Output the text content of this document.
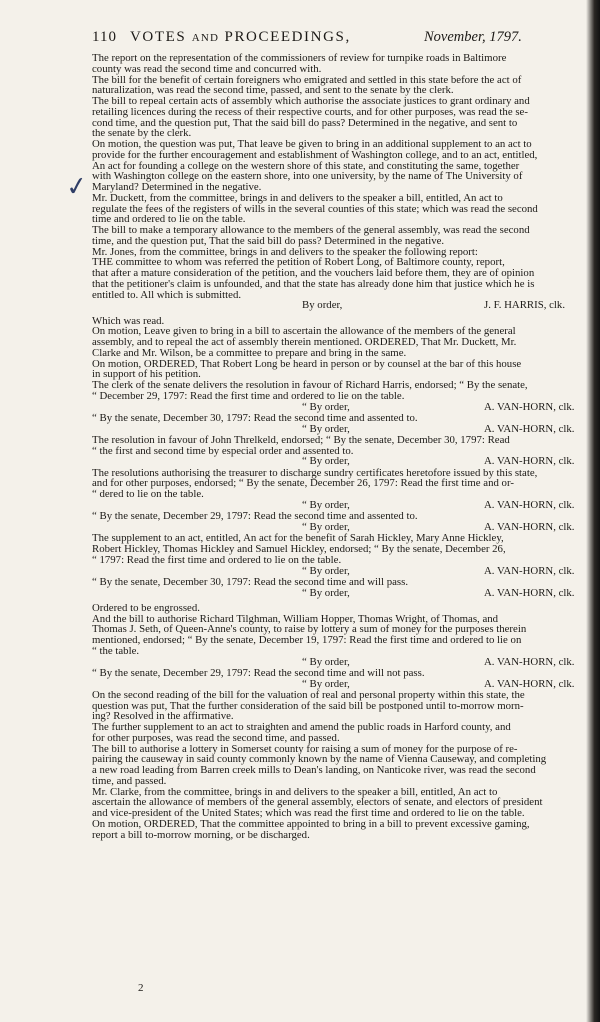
110 VOTES AND PROCEEDINGS,	November, 1797.
✓
The report on the representation of the commissioners of review for turnpike roads in Baltimore
county was read the second time and concurred with.
The bill for the benefit of certain foreigners who emigrated and settled in this state before the act of
naturalization, was read the second time, passed, and sent to the senate by the clerk.
The bill to repeal certain acts of assembly which authorise the associate justices to grant ordinary and
retailing licences during the recess of their respective courts, and for other purposes, was read the se-
cond time, and the question put, That the said bill do pass? Determined in the negative, and sent to
the senate by the clerk.
On motion, the question was put, That leave be given to bring in an additional supplement to an act to
provide for the further encouragement and establishment of Washington college, and to an act, entitled,
An act for founding a college on the western shore of this state, and constituting the same, together
with Washington college on the eastern shore, into one university, by the name of The University of
Maryland? Determined in the negative.
Mr. Duckett, from the committee, brings in and delivers to the speaker a bill, entitled, An act to
regulate the fees of the registers of wills in the several counties of this state; which was read the second
time and ordered to lie on the table.
The bill to make a temporary allowance to the members of the general assembly, was read the second
time, and the question put, That the said bill do pass? Determined in the negative.
Mr. Jones, from the committee, brings in and delivers to the speaker the following report:
THE committee to whom was referred the petition of Robert Long, of Baltimore county, report,
that after a mature consideration of the petition, and the vouchers laid before them, they are of opinion
that the petitioner's claim is unfounded, and that the state has already done him that justice which he is
entitled to. All which is submitted.
By order,	J. F. HARRIS, clk.
Which was read.
On motion, Leave given to bring in a bill to ascertain the allowance of the members of the general
assembly, and to repeal the act of assembly therein mentioned. ORDERED, That Mr. Duckett, Mr.
Clarke and Mr. Wilson, be a committee to prepare and bring in the same.
On motion, ORDERED, That Robert Long be heard in person or by counsel at the bar of this house
in support of his petition.
The clerk of the senate delivers the resolution in favour of Richard Harris, endorsed; “ By the senate,
“ December 29, 1797: Read the first time and ordered to lie on the table.
“ By order,	A. VAN-HORN, clk.
“ By the senate, December 30, 1797: Read the second time and assented to.
“ By order,	A. VAN-HORN, clk.
The resolution in favour of John Threlkeld, endorsed; “ By the senate, December 30, 1797: Read
“ the first and second time by especial order and assented to.
“ By order,	A. VAN-HORN, clk.
The resolutions authorising the treasurer to discharge sundry certificates heretofore issued by this state,
and for other purposes, endorsed; “ By the senate, December 26, 1797: Read the first time and or-
“ dered to lie on the table.
“ By order,	A. VAN-HORN, clk.
“ By the senate, December 29, 1797: Read the second time and assented to.
“ By order,	A. VAN-HORN, clk.
The supplement to an act, entitled, An act for the benefit of Sarah Hickley, Mary Anne Hickley,
Robert Hickley, Thomas Hickley and Samuel Hickley, endorsed; “ By the senate, December 26,
“ 1797: Read the first time and ordered to lie on the table.
“ By order,	A. VAN-HORN, clk.
“ By the senate, December 30, 1797: Read the second time and will pass.
“ By order,	A. VAN-HORN, clk.
Ordered to be engrossed.
And the bill to authorise Richard Tilghman, William Hopper, Thomas Wright, of Thomas, and
Thomas J. Seth, of Queen-Anne's county, to raise by lottery a sum of money for the purposes therein
mentioned, endorsed; “ By the senate, December 19, 1797: Read the first time and ordered to lie on
“ the table.
“ By order,	A. VAN-HORN, clk.
“ By the senate, December 29, 1797: Read the second time and will not pass.
“ By order,	A. VAN-HORN, clk.
On the second reading of the bill for the valuation of real and personal property within this state, the
question was put, That the further consideration of the said bill be postponed until to-morrow morn-
ing? Resolved in the affirmative.
The further supplement to an act to straighten and amend the public roads in Harford county, and
for other purposes, was read the second time, and passed.
The bill to authorise a lottery in Somerset county for raising a sum of money for the purpose of re-
pairing the causeway in said county commonly known by the name of Vienna Causeway, and completing
a new road leading from Barren creek mills to Dean's landing, on Nanticoke river, was read the second
time, and passed.
Mr. Clarke, from the committee, brings in and delivers to the speaker a bill, entitled, An act to
ascertain the allowance of members of the general assembly, electors of senate, and electors of president
and vice-president of the United States; which was read the first time and ordered to lie on the table.
On motion, ORDERED, That the committee appointed to bring in a bill to prevent excessive gaming,
report a bill to-morrow morning, or be discharged.
2
